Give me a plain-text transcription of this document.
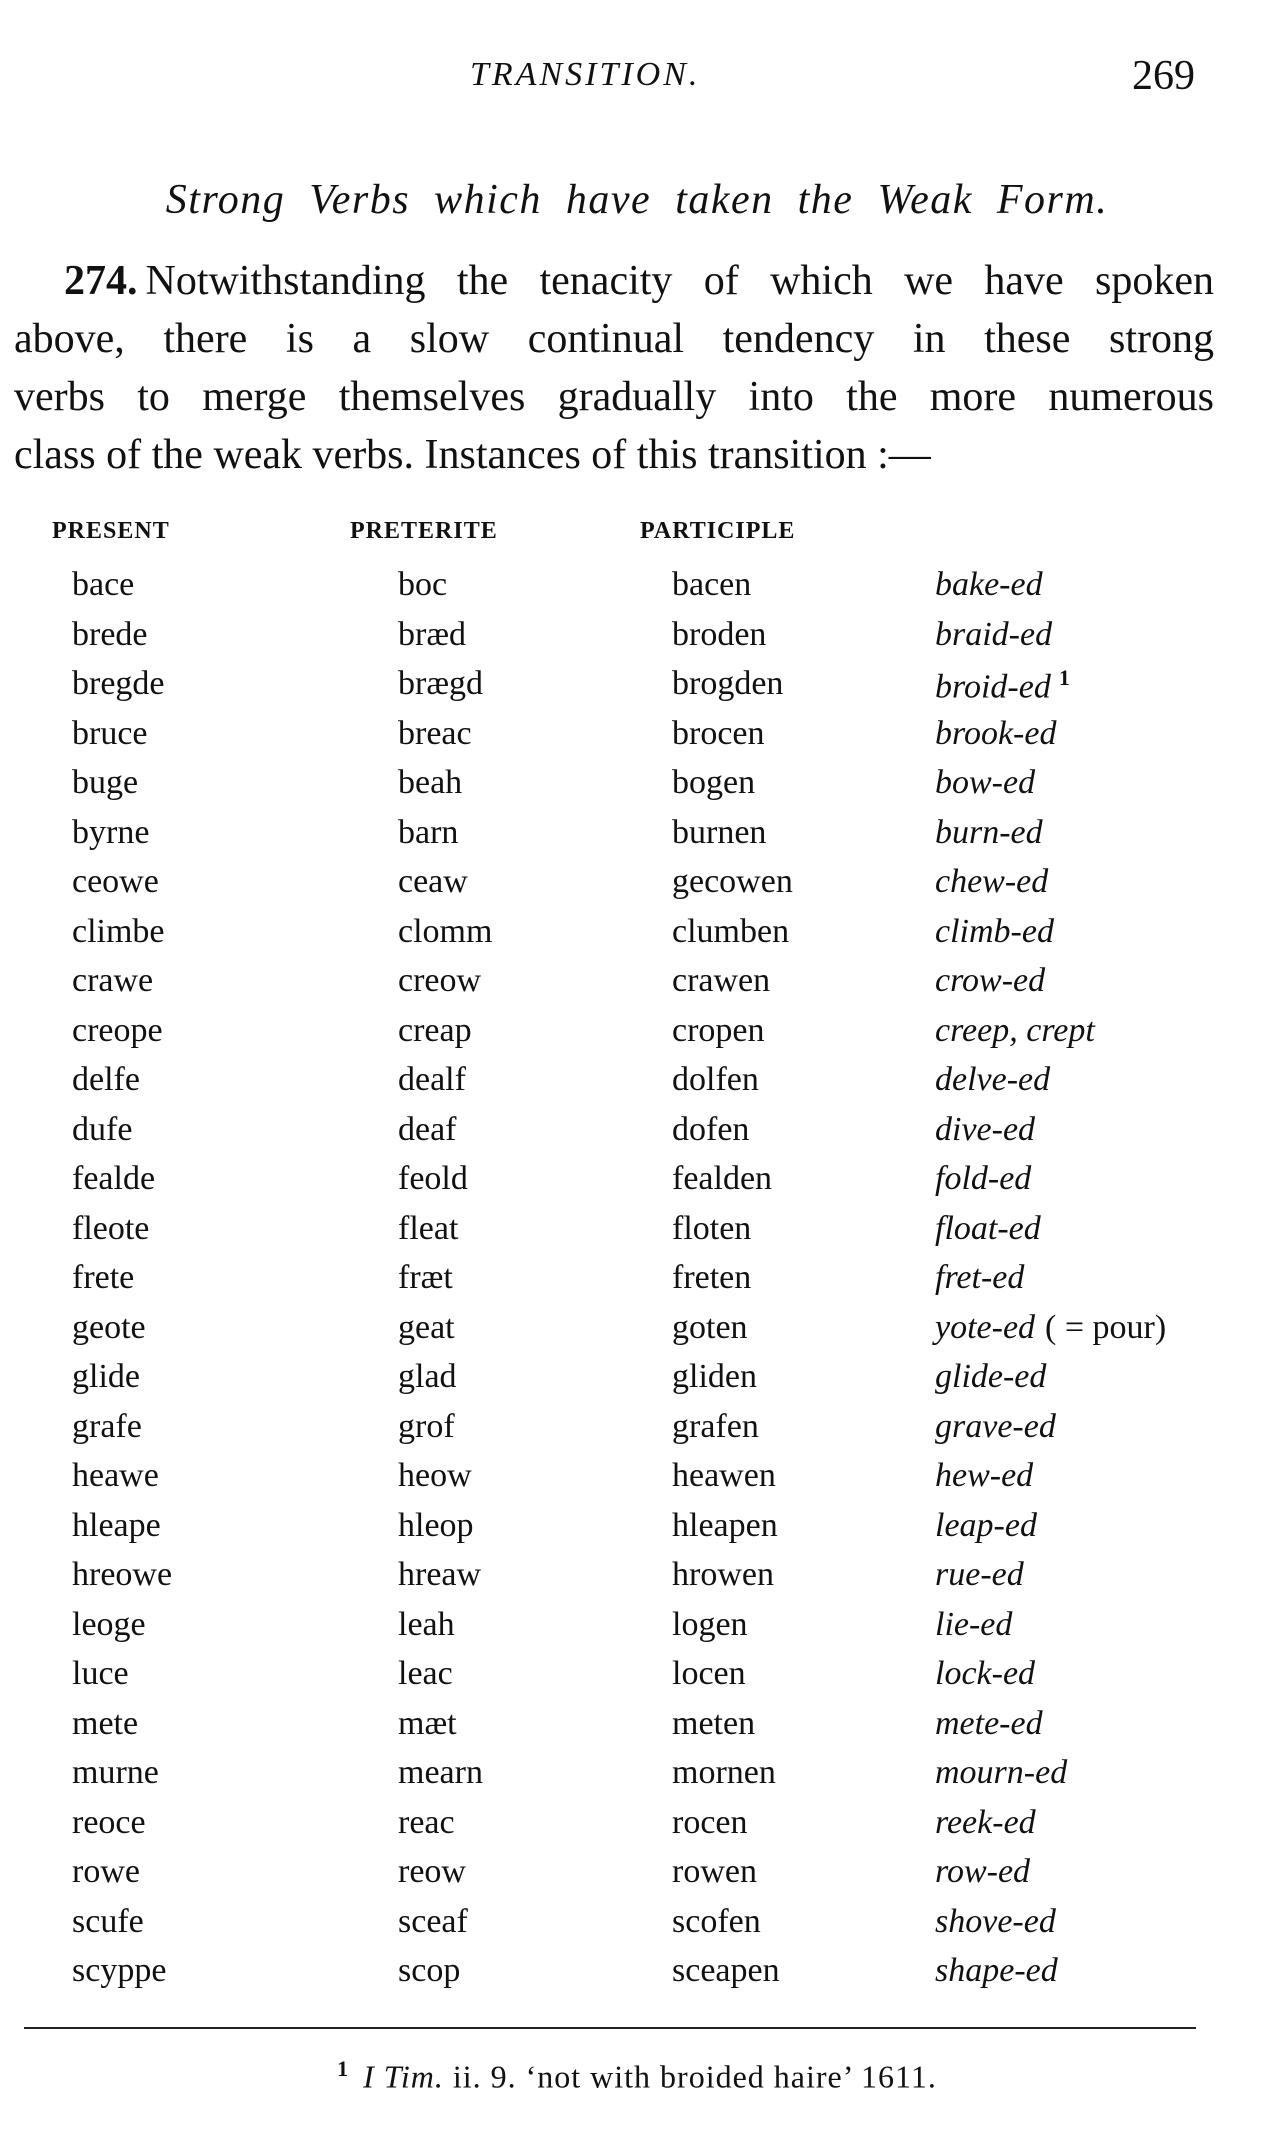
TRANSITION.	269
Strong Verbs which have taken the Weak Form.
274. Notwithstanding the tenacity of which we have spoken
above, there is a slow continual tendency in these strong
verbs to merge themselves gradually into the more numerous
class of the weak verbs. Instances of this transition :—
PRESENT	PRETERITE	PARTICIPLE
bace	boc	bacen	bake-ed
brede	bræd	broden	braid-ed
bregde	brægd	brogden	broid-ed $^1$
bruce	breac	brocen	brook-ed
buge	beah	bogen	bow-ed
byrne	barn	burnen	burn-ed
ceowe	ceaw	gecowen	chew-ed
climbe	clomm	clumben	climb-ed
crawe	creow	crawen	crow-ed
creope	creap	cropen	creep, crept
delfe	dealf	dolfen	delve-ed
dufe	deaf	dofen	dive-ed
fealde	feold	fealden	fold-ed
fleote	fleat	floten	float-ed
frete	fræt	freten	fret-ed
geote	geat	goten	yote-ed ( = pour)
glide	glad	gliden	glide-ed
grafe	grof	grafen	grave-ed
heawe	heow	heawen	hew-ed
hleape	hleop	hleapen	leap-ed
hreowe	hreaw	hrowen	rue-ed
leoge	leah	logen	lie-ed
luce	leac	locen	lock-ed
mete	mæt	meten	mete-ed
murne	mearn	mornen	mourn-ed
reoce	reac	rocen	reek-ed
rowe	reow	rowen	row-ed
scufe	sceaf	scofen	shove-ed
scyppe	scop	sceapen	shape-ed
$^1$ I Tim. ii. 9. ‘not with broided haire’ 1611.
